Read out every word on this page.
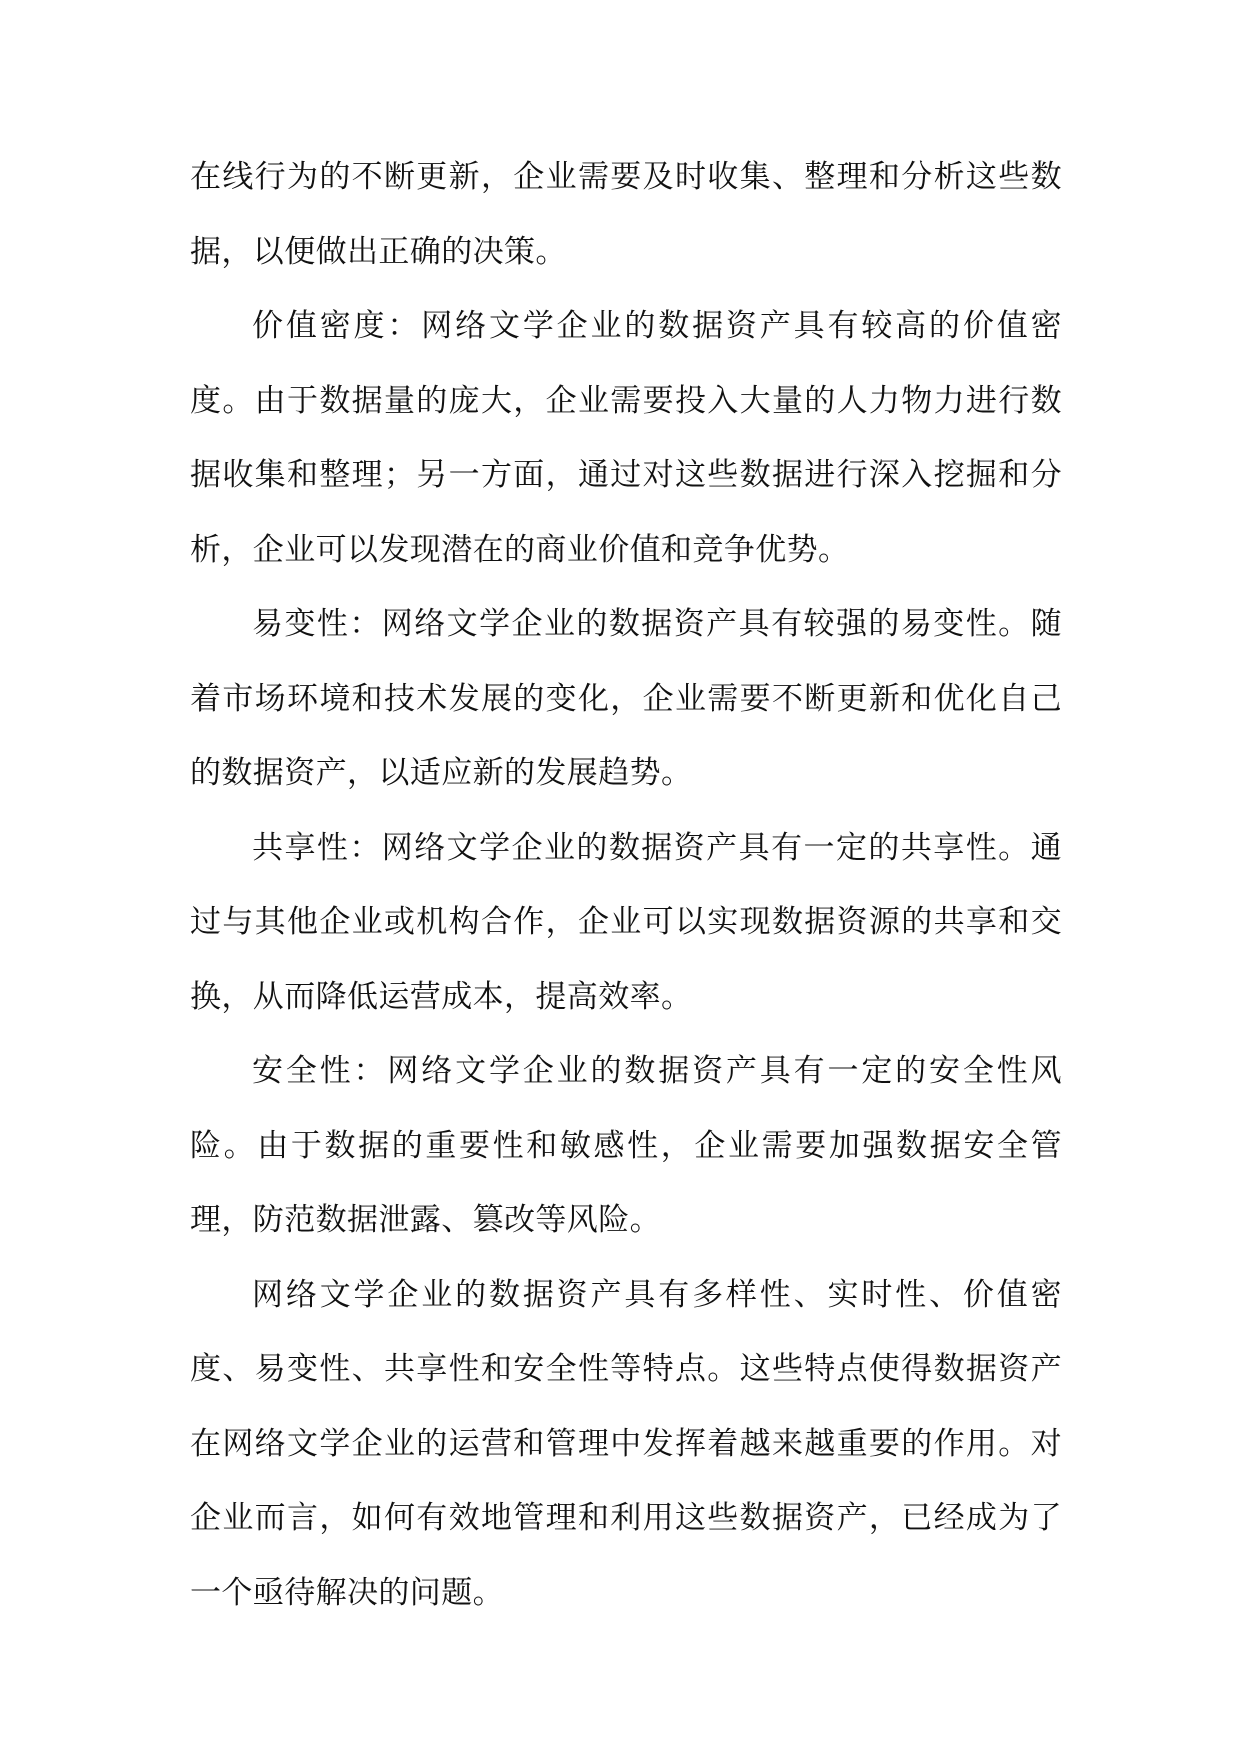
在线行为的不断更新，企业需要及时收集、整理和分析这些数据，以便做出正确的决策。

价值密度：网络文学企业的数据资产具有较高的价值密度。由于数据量的庞大，企业需要投入大量的人力物力进行数据收集和整理；另一方面，通过对这些数据进行深入挖掘和分析，企业可以发现潜在的商业价值和竞争优势。

易变性：网络文学企业的数据资产具有较强的易变性。随着市场环境和技术发展的变化，企业需要不断更新和优化自己的数据资产，以适应新的发展趋势。

共享性：网络文学企业的数据资产具有一定的共享性。通过与其他企业或机构合作，企业可以实现数据资源的共享和交换，从而降低运营成本，提高效率。

安全性：网络文学企业的数据资产具有一定的安全性风险。由于数据的重要性和敏感性，企业需要加强数据安全管理，防范数据泄露、篡改等风险。

网络文学企业的数据资产具有多样性、实时性、价值密度、易变性、共享性和安全性等特点。这些特点使得数据资产在网络文学企业的运营和管理中发挥着越来越重要的作用。对企业而言，如何有效地管理和利用这些数据资产，已经成为了一个亟待解决的问题。
